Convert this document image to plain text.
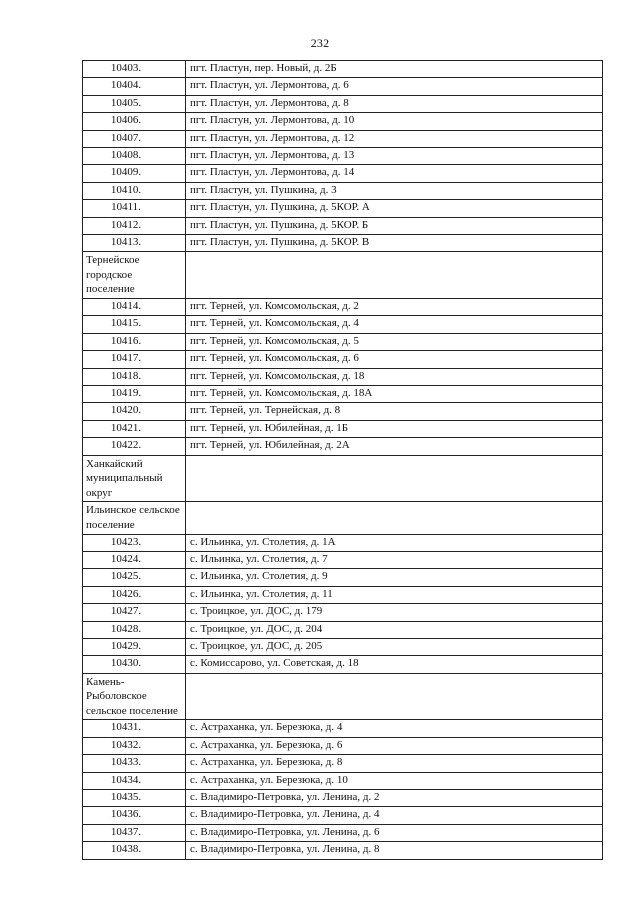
232
10403.	пгт. Пластун, пер. Новый, д. 2Б
10404.	пгт. Пластун, ул. Лермонтова, д. 6
10405.	пгт. Пластун, ул. Лермонтова, д. 8
10406.	пгт. Пластун, ул. Лермонтова, д. 10
10407.	пгт. Пластун, ул. Лермонтова, д. 12
10408.	пгт. Пластун, ул. Лермонтова, д. 13
10409.	пгт. Пластун, ул. Лермонтова, д. 14
10410.	пгт. Пластун, ул. Пушкина, д. 3
10411.	пгт. Пластун, ул. Пушкина, д. 5КОР. А
10412.	пгт. Пластун, ул. Пушкина, д. 5КОР. Б
10413.	пгт. Пластун, ул. Пушкина, д. 5КОР. В
Тернейское городское поселение	
10414.	пгт. Терней, ул. Комсомольская, д. 2
10415.	пгт. Терней, ул. Комсомольская, д. 4
10416.	пгт. Терней, ул. Комсомольская, д. 5
10417.	пгт. Терней, ул. Комсомольская, д. 6
10418.	пгт. Терней, ул. Комсомольская, д. 18
10419.	пгт. Терней, ул. Комсомольская, д. 18А
10420.	пгт. Терней, ул. Тернейская, д. 8
10421.	пгт. Терней, ул. Юбилейная, д. 1Б
10422.	пгт. Терней, ул. Юбилейная, д. 2А
Ханкайский муниципальный округ	
Ильинское сельское поселение	
10423.	с. Ильинка, ул. Столетия, д. 1А
10424.	с. Ильинка, ул. Столетия, д. 7
10425.	с. Ильинка, ул. Столетия, д. 9
10426.	с. Ильинка, ул. Столетия, д. 11
10427.	с. Троицкое, ул. ДОС, д. 179
10428.	с. Троицкое, ул. ДОС, д. 204
10429.	с. Троицкое, ул. ДОС, д. 205
10430.	с. Комиссарово, ул. Советская, д. 18
Камень-Рыболовское сельское поселение	
10431.	с. Астраханка, ул. Березюка, д. 4
10432.	с. Астраханка, ул. Березюка, д. 6
10433.	с. Астраханка, ул. Березюка, д. 8
10434.	с. Астраханка, ул. Березюка, д. 10
10435.	с. Владимиро-Петровка, ул. Ленина, д. 2
10436.	с. Владимиро-Петровка, ул. Ленина, д. 4
10437.	с. Владимиро-Петровка, ул. Ленина, д. 6
10438.	с. Владимиро-Петровка, ул. Ленина, д. 8
